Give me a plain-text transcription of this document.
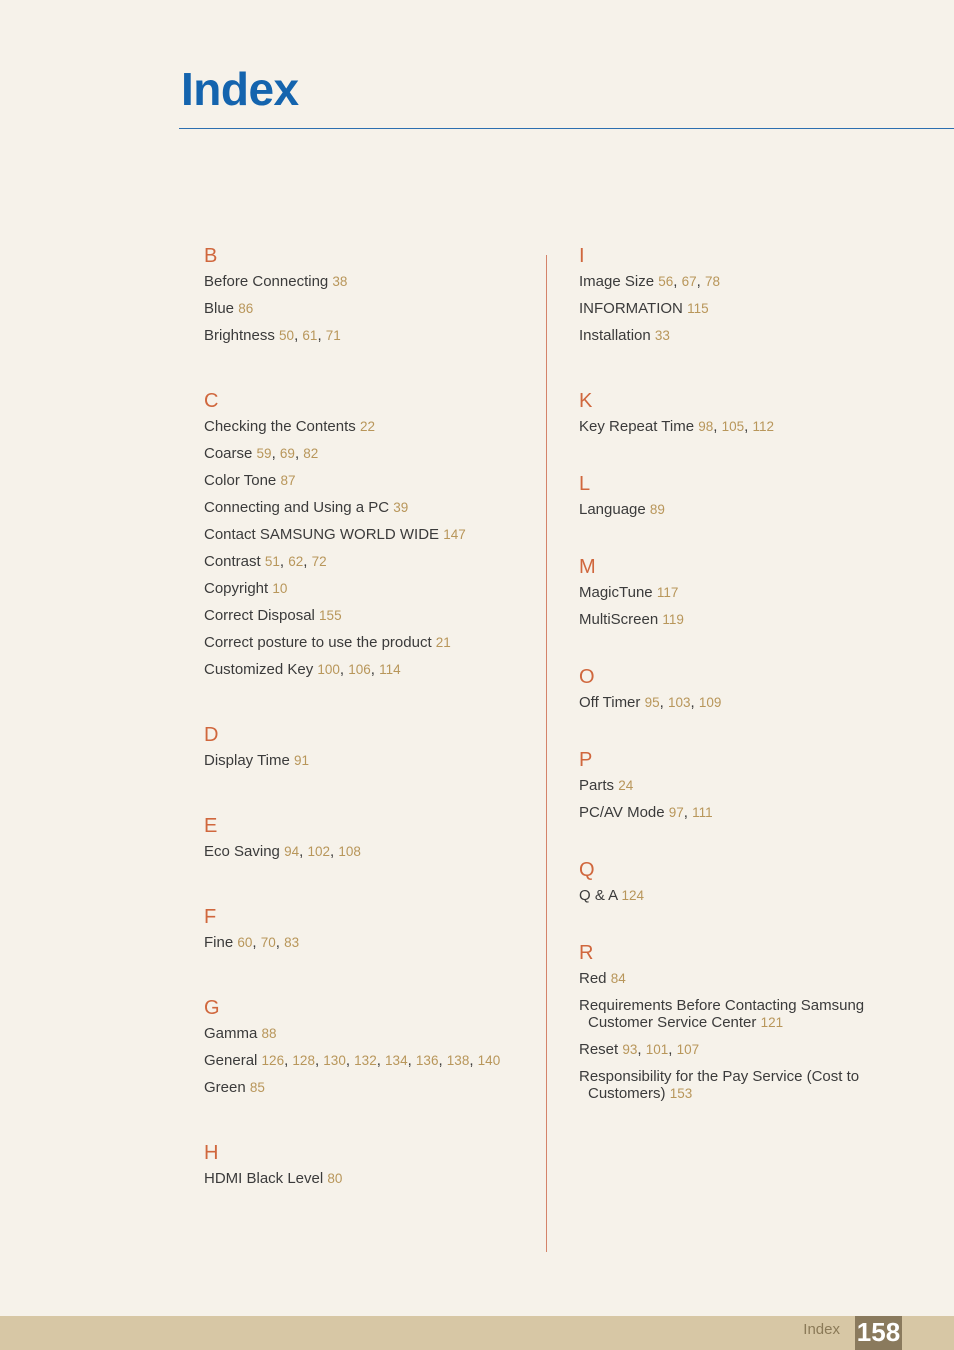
Index
B
Before Connecting 38
Blue 86
Brightness 50, 61, 71
C
Checking the Contents 22
Coarse 59, 69, 82
Color Tone 87
Connecting and Using a PC 39
Contact SAMSUNG WORLD WIDE 147
Contrast 51, 62, 72
Copyright 10
Correct Disposal 155
Correct posture to use the product 21
Customized Key 100, 106, 114
D
Display Time 91
E
Eco Saving 94, 102, 108
F
Fine 60, 70, 83
G
Gamma 88
General 126, 128, 130, 132, 134, 136, 138, 140
Green 85
H
HDMI Black Level 80
I
Image Size 56, 67, 78
INFORMATION 115
Installation 33
K
Key Repeat Time 98, 105, 112
L
Language 89
M
MagicTune 117
MultiScreen 119
O
Off Timer 95, 103, 109
P
Parts 24
PC/AV Mode 97, 111
Q
Q & A 124
R
Red 84
Requirements Before Contacting Samsung
Customer Service Center 121
Reset 93, 101, 107
Responsibility for the Pay Service (Cost to
Customers) 153
Index 158
